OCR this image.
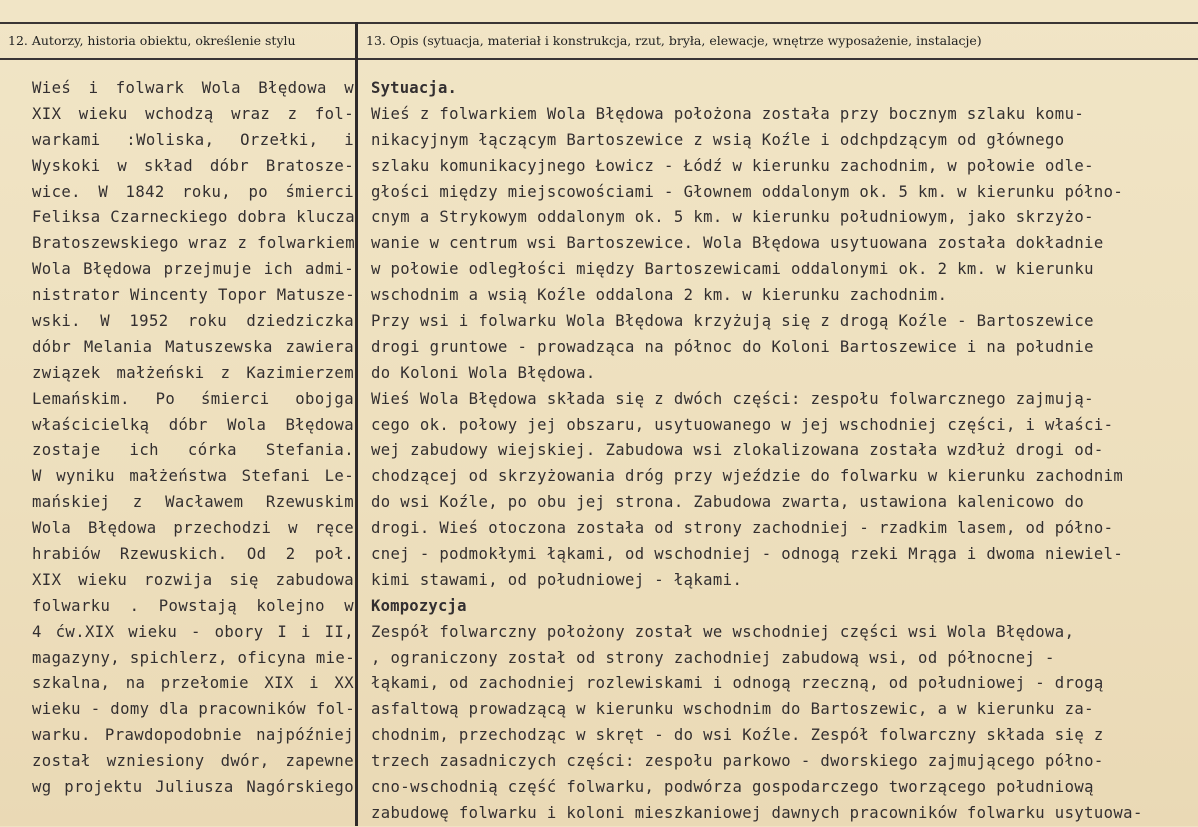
12. Autorzy, historia obiektu, określenie stylu	13. Opis (sytuacja, materiał i konstrukcja, rzut, bryła, elewacje, wnętrze wyposażenie, instalacje)
Wieś i folwark Wola Błędowa w
XIX wieku wchodzą wraz z fol-
warkami :Woliska, Orzełki, i
Wyskoki w skład dóbr Bratosze-
wice. W 1842 roku, po śmierci
Feliksa Czarneckiego dobra klucza
Bratoszewskiego wraz z folwarkiem
Wola Błędowa przejmuje ich admi-
nistrator Wincenty Topor Matusze-
wski. W 1952 roku dziedziczka
dóbr Melania Matuszewska zawiera
związek małżeński z Kazimierzem
Lemańskim. Po śmierci obojga
właścicielką dóbr Wola Błędowa
zostaje ich córka Stefania.
W wyniku małżeństwa Stefani Le-
mańskiej z Wacławem Rzewuskim
Wola Błędowa przechodzi w ręce
hrabiów Rzewuskich. Od 2 poł.
XIX wieku rozwija się zabudowa
folwarku . Powstają kolejno w
4 ćw.XIX wieku - obory I i II,
magazyny, spichlerz, oficyna mie-
szkalna, na przełomie XIX i XX
wieku - domy dla pracowników fol-
warku. Prawdopodobnie najpóźniej
został wzniesiony dwór, zapewne
wg projektu Juliusza Nagórskiego
Sytuacja.
Wieś z folwarkiem Wola Błędowa położona została przy bocznym szlaku komu-
nikacyjnym łączącym Bartoszewice z wsią Koźle i odchpdzącym od głównego
szlaku komunikacyjnego Łowicz - Łódź w kierunku zachodnim, w połowie odle-
głości między miejscowościami - Głownem oddalonym ok. 5 km. w kierunku półno-
cnym a Strykowym oddalonym ok. 5 km. w kierunku południowym, jako skrzyżo-
wanie w centrum wsi Bartoszewice. Wola Błędowa usytuowana została dokładnie
w połowie odległości między Bartoszewicami oddalonymi ok. 2 km. w kierunku
wschodnim a wsią Koźle oddalona 2 km. w kierunku zachodnim.
Przy wsi i folwarku Wola Błędowa krzyżują się z drogą Koźle - Bartoszewice
drogi gruntowe - prowadząca na północ do Koloni Bartoszewice i na południe
do Koloni Wola Błędowa.
Wieś Wola Błędowa składa się z dwóch części: zespołu folwarcznego zajmują-
cego ok. połowy jej obszaru, usytuowanego w jej wschodniej części, i właści-
wej zabudowy wiejskiej. Zabudowa wsi zlokalizowana została wzdłuż drogi od-
chodzącej od skrzyżowania dróg przy wjeździe do folwarku w kierunku zachodnim
do wsi Koźle, po obu jej strona. Zabudowa zwarta, ustawiona kalenicowo do
drogi. Wieś otoczona została od strony zachodniej - rzadkim lasem, od półno-
cnej - podmokłymi łąkami, od wschodniej - odnogą rzeki Mrąga i dwoma niewiel-
kimi stawami, od południowej - łąkami.
Kompozycja
Zespół folwarczny położony został we wschodniej części wsi Wola Błędowa,
, ograniczony został od strony zachodniej zabudową wsi, od północnej -
łąkami, od zachodniej rozlewiskami i odnogą rzeczną, od południowej - drogą
asfaltową prowadzącą w kierunku wschodnim do Bartoszewic, a w kierunku za-
chodnim, przechodząc w skręt - do wsi Koźle. Zespół folwarczny składa się z
trzech zasadniczych części: zespołu parkowo - dworskiego zajmującego półno-
cno-wschodnią część folwarku, podwórza gospodarczego tworzącego południową
zabudowę folwarku i koloni mieszkaniowej dawnych pracowników folwarku usytuowa-
